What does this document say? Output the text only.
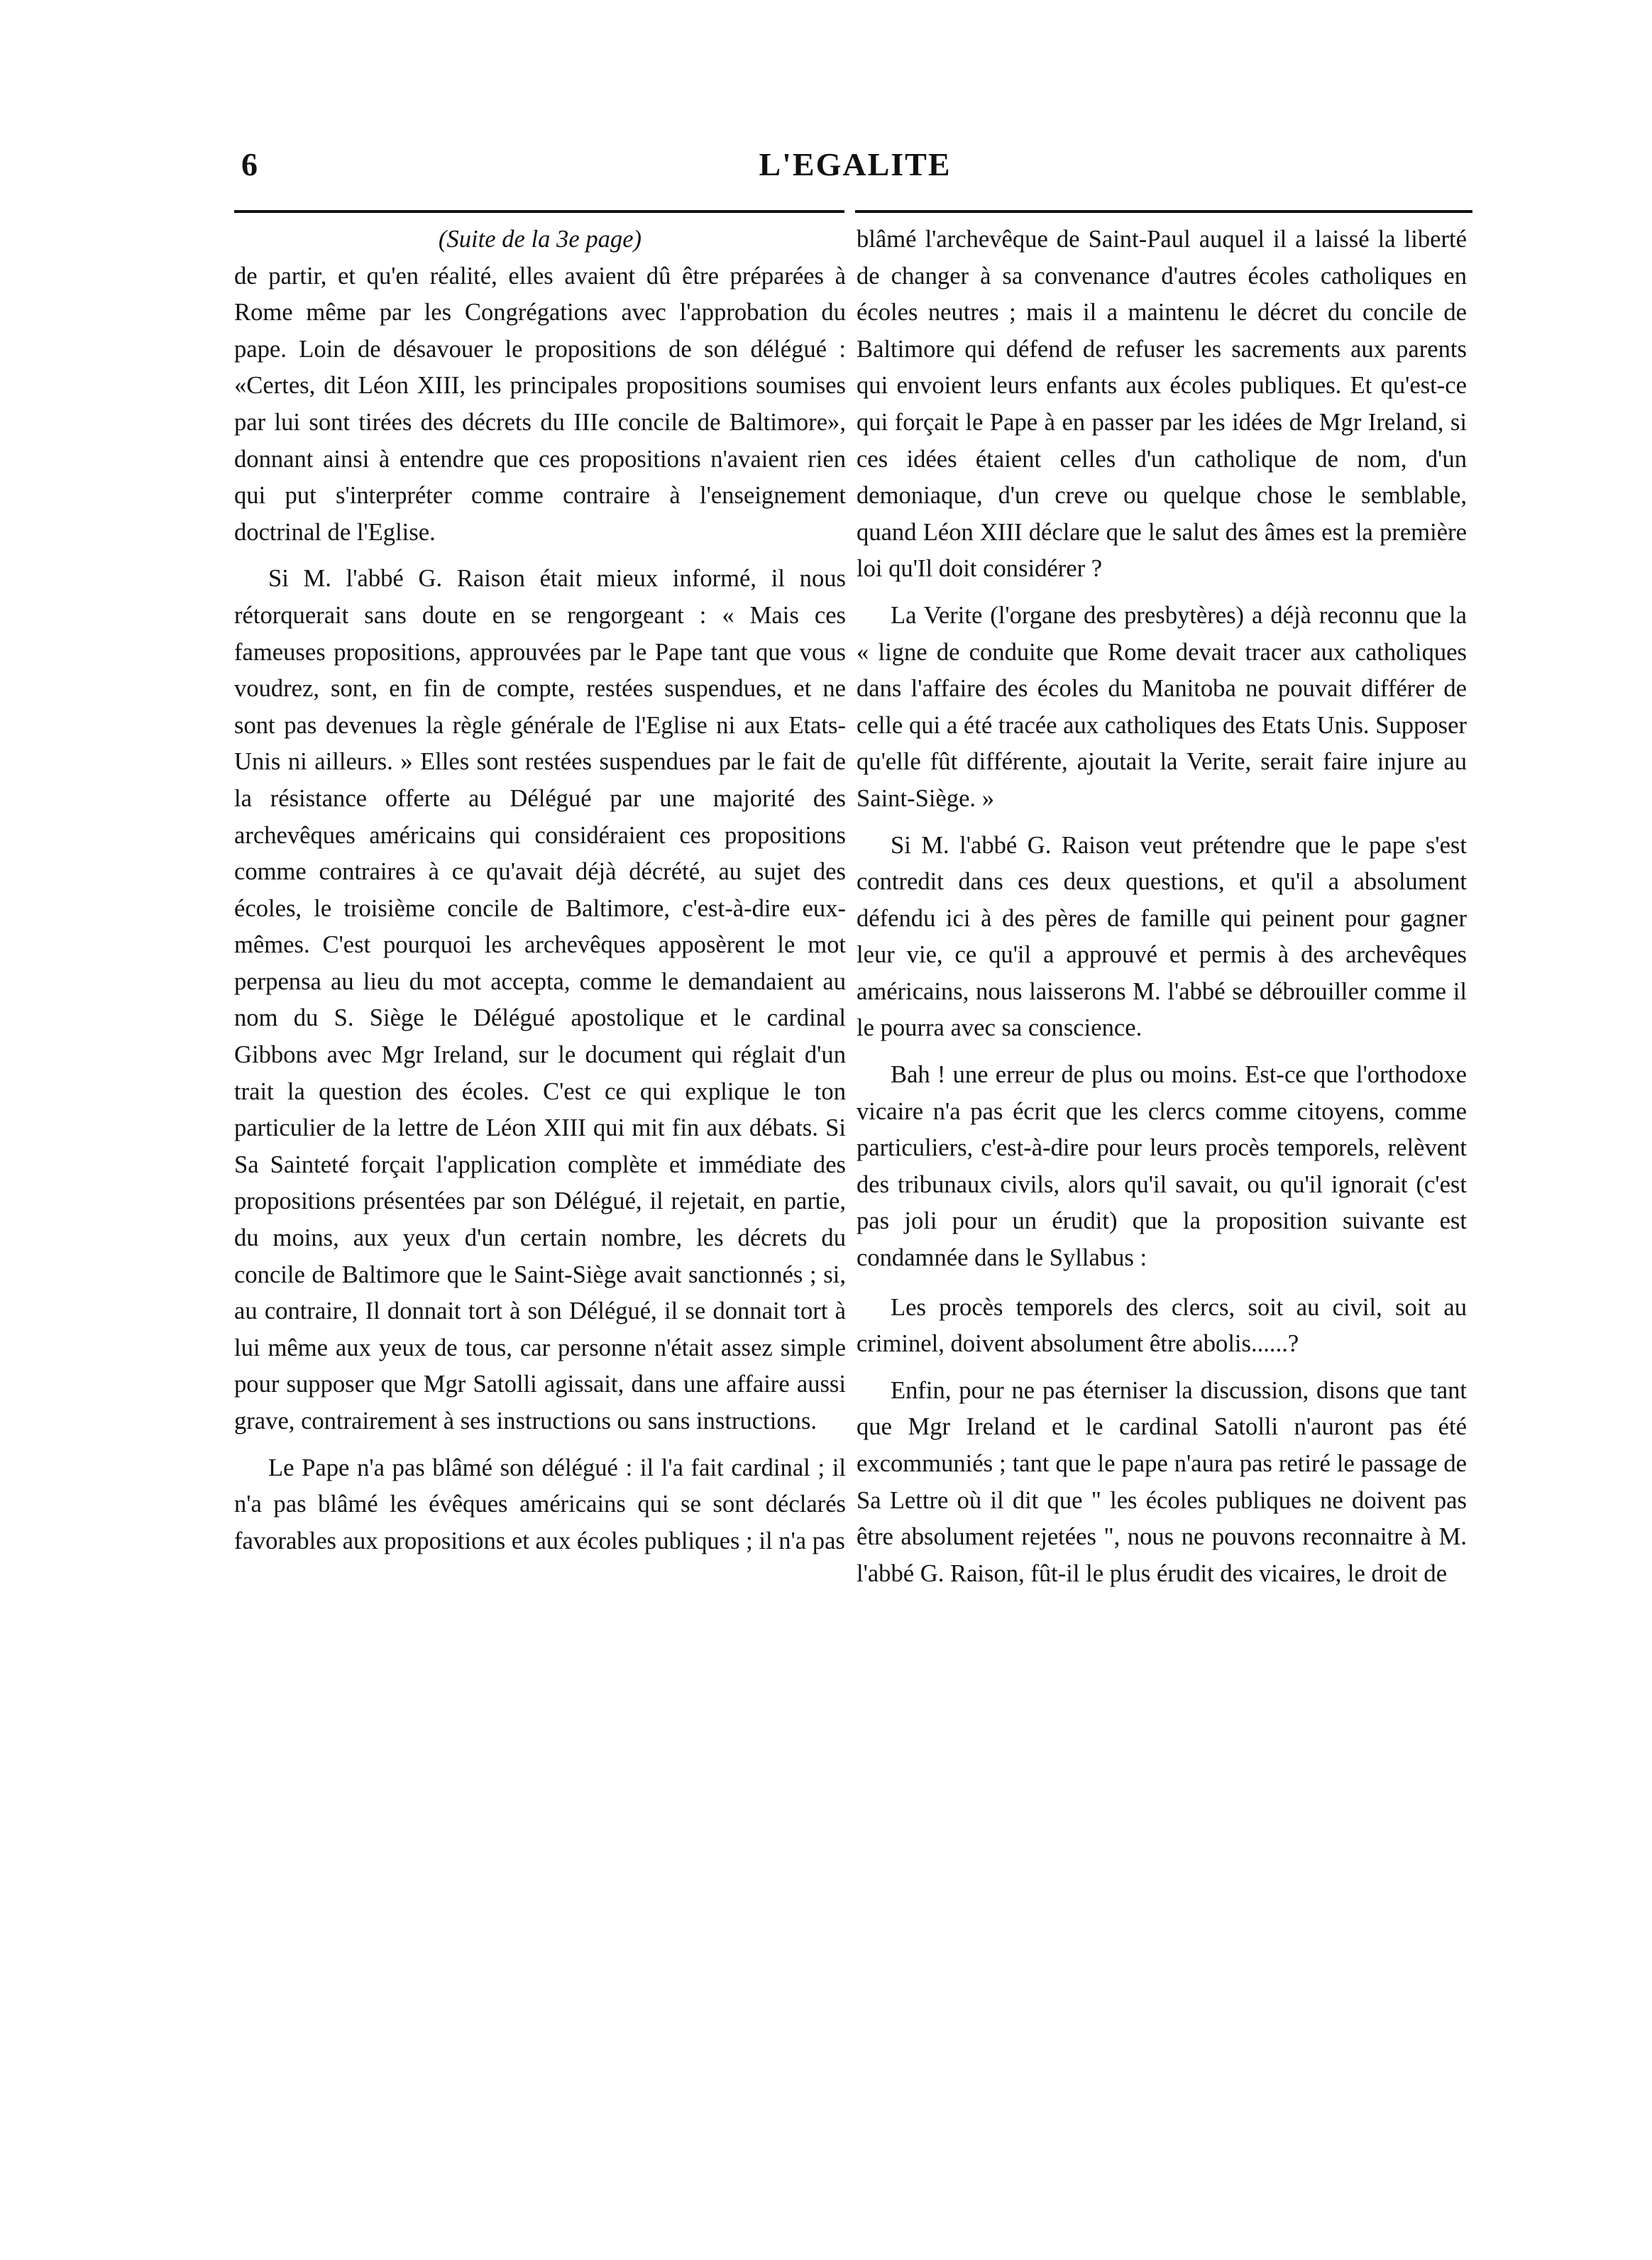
6	L'EGALITE

(Suite de la 3e page)

de partir, et qu'en réalité, elles avaient dû être préparées à Rome même par les Congrégations avec l'approbation du pape. Loin de désavouer le propositions de son délégué : «Certes, dit Léon XIII, les principales propositions soumises par lui sont tirées des décrets du IIIe concile de Baltimore», donnant ainsi à entendre que ces propositions n'avaient rien qui put s'interpréter comme contraire à l'enseignement doctrinal de l'Eglise.

Si M. l'abbé G. Raison était mieux informé, il nous rétorquerait sans doute en se rengorgeant : « Mais ces fameuses propositions, approuvées par le Pape tant que vous voudrez, sont, en fin de compte, restées suspendues, et ne sont pas devenues la règle générale de l'Eglise ni aux Etats-Unis ni ailleurs. » Elles sont restées suspendues par le fait de la résistance offerte au Délégué par une majorité des archevêques américains qui considéraient ces propositions comme contraires à ce qu'avait déjà décrété, au sujet des écoles, le troisième concile de Baltimore, c'est-à-dire eux-mêmes. C'est pourquoi les archevêques apposèrent le mot perpensa au lieu du mot accepta, comme le demandaient au nom du S. Siège le Délégué apostolique et le cardinal Gibbons avec Mgr Ireland, sur le document qui réglait d'un trait la question des écoles. C'est ce qui explique le ton particulier de la lettre de Léon XIII qui mit fin aux débats. Si Sa Sainteté forçait l'application complète et immédiate des propositions présentées par son Délégué, il rejetait, en partie, du moins, aux yeux d'un certain nombre, les décrets du concile de Baltimore que le Saint-Siège avait sanctionnés ; si, au contraire, Il donnait tort à son Délégué, il se donnait tort à lui même aux yeux de tous, car personne n'était assez simple pour supposer que Mgr Satolli agissait, dans une affaire aussi grave, contrairement à ses instructions ou sans instructions.

Le Pape n'a pas blâmé son délégué : il l'a fait cardinal ; il n'a pas blâmé les évêques américains qui se sont déclarés favorables aux propositions et aux écoles publiques ; il n'a pas

blâmé l'archevêque de Saint-Paul auquel il a laissé la liberté de changer à sa convenance d'autres écoles catholiques en écoles neutres ; mais il a maintenu le décret du concile de Baltimore qui défend de refuser les sacrements aux parents qui envoient leurs enfants aux écoles publiques. Et qu'est-ce qui forçait le Pape à en passer par les idées de Mgr Ireland, si ces idées étaient celles d'un catholique de nom, d'un demoniaque, d'un creve ou quelque chose le semblable, quand Léon XIII déclare que le salut des âmes est la première loi qu'Il doit considérer ?

La Verite (l'organe des presbytères) a déjà reconnu que la « ligne de conduite que Rome devait tracer aux catholiques dans l'affaire des écoles du Manitoba ne pouvait différer de celle qui a été tracée aux catholiques des Etats Unis. Supposer qu'elle fût différente, ajoutait la Verite, serait faire injure au Saint-Siège. »

Si M. l'abbé G. Raison veut prétendre que le pape s'est contredit dans ces deux questions, et qu'il a absolument défendu ici à des pères de famille qui peinent pour gagner leur vie, ce qu'il a approuvé et permis à des archevêques américains, nous laisserons M. l'abbé se débrouiller comme il le pourra avec sa conscience.

Bah ! une erreur de plus ou moins. Est-ce que l'orthodoxe vicaire n'a pas écrit que les clercs comme citoyens, comme particuliers, c'est-à-dire pour leurs procès temporels, relèvent des tribunaux civils, alors qu'il savait, ou qu'il ignorait (c'est pas joli pour un érudit) que la proposition suivante est condamnée dans le Syllabus :

Les procès temporels des clercs, soit au civil, soit au criminel, doivent absolument être abolis......?

Enfin, pour ne pas éterniser la discussion, disons que tant que Mgr Ireland et le cardinal Satolli n'auront pas été excommuniés ; tant que le pape n'aura pas retiré le passage de Sa Lettre où il dit que " les écoles publiques ne doivent pas être absolument rejetées ", nous ne pouvons reconnaitre à M. l'abbé G. Raison, fût-il le plus érudit des vicaires, le droit de
